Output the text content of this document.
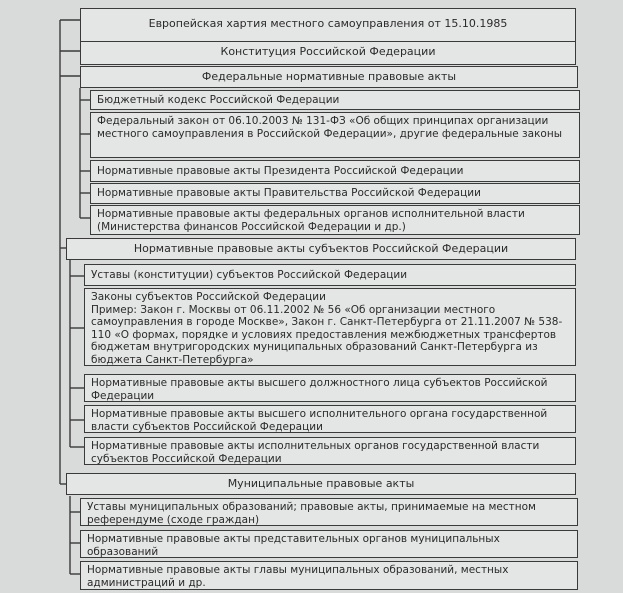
Европейская хартия местного самоуправления от 15.10.1985
Конституция Российской Федерации
Федеральные нормативные правовые акты
Бюджетный кодекс Российской Федерации
Федеральный закон от 06.10.2003 № 131-ФЗ «Об общих принципах организации местного самоуправления в Российской Федерации», другие федеральные законы
Нормативные правовые акты Президента Российской Федерации
Нормативные правовые акты Правительства Российской Федерации
Нормативные правовые акты федеральных органов исполнительной власти (Министерства финансов Российской Федерации и др.)
Нормативные правовые акты субъектов Российской Федерации
Уставы (конституции) субъектов Российской Федерации
Законы субъектов Российской Федерации
Пример: Закон г. Москвы от 06.11.2002 № 56 «Об организации местного самоуправления в городе Москве», Закон г. Санкт-Петербурга от 21.11.2007 № 538-110 «О формах, порядке и условиях предоставления межбюджетных трансфертов бюджетам внутригородских муниципальных образований Санкт-Петербурга из бюджета Санкт-Петербурга»
Нормативные правовые акты высшего должностного лица субъектов Российской Федерации
Нормативные правовые акты высшего исполнительного органа государственной власти субъектов Российской Федерации
Нормативные правовые акты исполнительных органов государственной власти субъектов Российской Федерации
Муниципальные правовые акты
Уставы муниципальных образований; правовые акты, принимаемые на местном референдуме (сходе граждан)
Нормативные правовые акты представительных органов муниципальных образований
Нормативные правовые акты главы муниципальных образований, местных администраций и др.
